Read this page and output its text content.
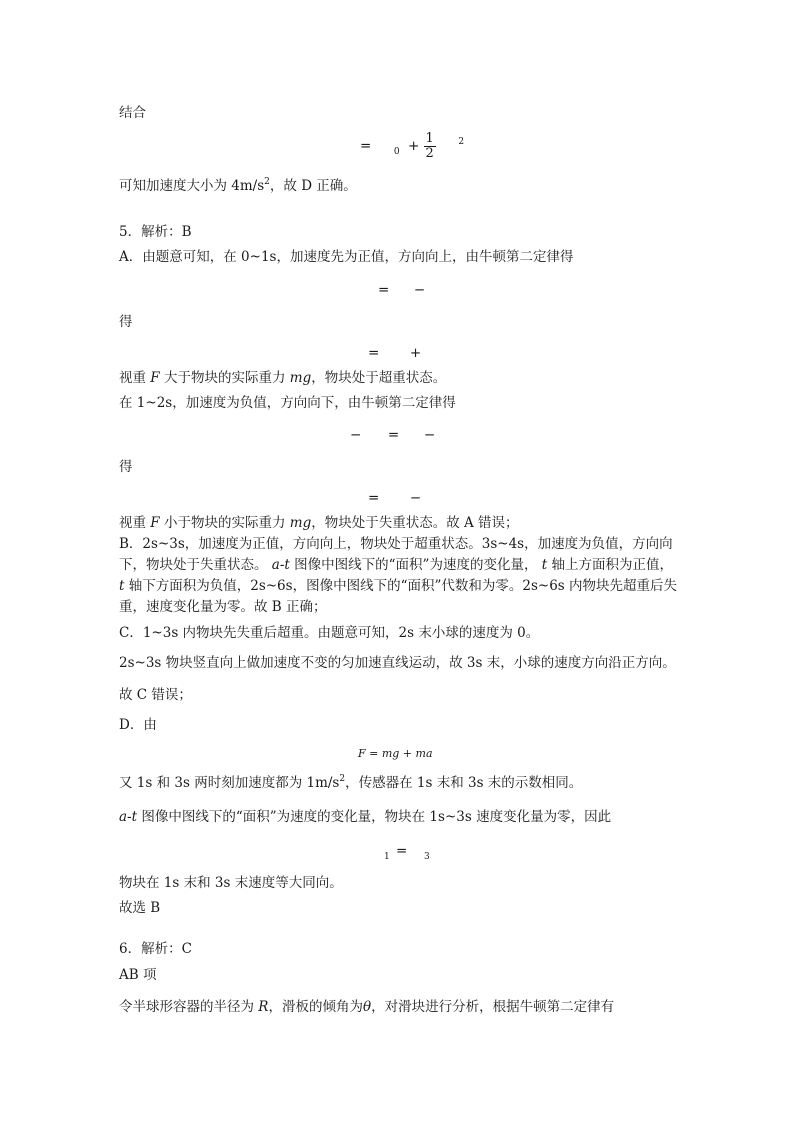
结合
=	$_0 + \frac{1}{2}$	$^2$
可知加速度大小为 $4m/s^2$，故 D 正确。
5．解析：B
A．由题意可知，在 0~1s，加速度先为正值，方向向上，由牛顿第二定律得
= −
得
= +
视重 F 大于物块的实际重力 mg，物块处于超重状态。
在 1~2s，加速度为负值，方向向下，由牛顿第二定律得
− = −
得
= −
视重 F 小于物块的实际重力 mg，物块处于失重状态。故 A 错误；
B．2s~3s，加速度为正值，方向向上，物块处于超重状态。3s~4s，加速度为负值，方向向
下，物块处于失重状态。 a-t 图像中图线下的“面积”为速度的变化量， t 轴上方面积为正值，
t 轴下方面积为负值，2s~6s，图像中图线下的“面积”代数和为零。2s~6s 内物块先超重后失
重，速度变化量为零。故 B 正确；
C．1~3s 内物块先失重后超重。由题意可知，2s 末小球的速度为 0。
2s~3s 物块竖直向上做加速度不变的匀加速直线运动，故 3s 末，小球的速度方向沿正方向。
故 C 错误；
D．由
F = mg + ma
又 1s 和 3s 两时刻加速度都为 $1m/s^2$，传感器在 1s 末和 3s 末的示数相同。
a-t 图像中图线下的“面积”为速度的变化量，物块在 1s~3s 速度变化量为零，因此
$_1$ = $_3$
物块在 1s 末和 3s 末速度等大同向。
故选 B
6．解析：C
AB 项
令半球形容器的半径为 R，滑板的倾角为θ，对滑块进行分析，根据牛顿第二定律有
